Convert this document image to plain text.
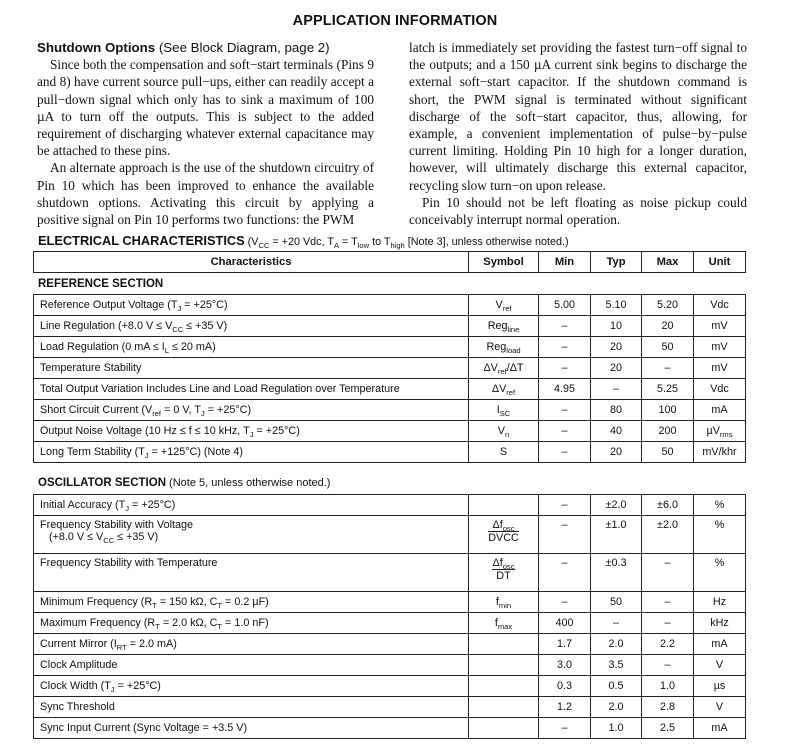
APPLICATION INFORMATION

Shutdown Options (See Block Diagram, page 2)

Since both the compensation and soft−start terminals (Pins 9 and 8) have current source pull−ups, either can readily accept a pull−down signal which only has to sink a maximum of 100 µA to turn off the outputs. This is subject to the added requirement of discharging whatever external capacitance may be attached to these pins.

An alternate approach is the use of the shutdown circuitry of Pin 10 which has been improved to enhance the available shutdown options. Activating this circuit by applying a positive signal on Pin 10 performs two functions: the PWM

latch is immediately set providing the fastest turn−off signal to the outputs; and a 150 µA current sink begins to discharge the external soft−start capacitor. If the shutdown command is short, the PWM signal is terminated without significant discharge of the soft−start capacitor, thus, allowing, for example, a convenient implementation of pulse−by−pulse current limiting. Holding Pin 10 high for a longer duration, however, will ultimately discharge this external capacitor, recycling slow turn−on upon release.

Pin 10 should not be left floating as noise pickup could conceivably interrupt normal operation.

ELECTRICAL CHARACTERISTICS ($V_{CC} = +20$ Vdc, $T_A = T_{low}$ to $T_{high}$ [Note 3], unless otherwise noted.)
Characteristics	Symbol	Min	Typ	Max	Unit
REFERENCE SECTION
Reference Output Voltage $(T_J = +25^\circ C)$	$V_{ref}$	5.00	5.10	5.20	Vdc
Line Regulation (+8.0 $V \le V_{CC} \le +35$ V)	Reg$_{line}$	–	10	20	mV
Load Regulation (0 mA ≤ $I_L \le 20$ mA)	Reg$_{load}$	–	20	50	mV
Temperature Stability	$\Delta V_{ref}/\Delta T$	–	20	–	mV
Total Output Variation Includes Line and Load Regulation over Temperature	$\Delta V_{ref}$	4.95	–	5.25	Vdc
Short Circuit Current ($V_{ref} = 0$ V, $T_J = +25^\circ C$)	$I_{SC}$	–	80	100	mA
Output Noise Voltage (10 Hz ≤ f ≤ 10 kHz, $T_J = +25^\circ C$)	$V_n$	–	40	200	µV$_{rms}$
Long Term Stability $(T_J = +125^\circ C)$ (Note 4)	S	–	20	50	mV/khr
OSCILLATOR SECTION (Note 5, unless otherwise noted.)
Initial Accuracy $(T_J = +25^\circ C)$		–	±2.0	±6.0	%
Frequency Stability with Voltage
(+8.0 $V \le V_{CC} \le +35$ V)	$\frac{\Delta f_{osc}}{\text{DVCC}}$	–	±1.0	±2.0	%
Frequency Stability with Temperature	$\frac{\Delta f_{osc}}{DT}$	–	±0.3	–	%
Minimum Frequency ($R_T = 150$ kΩ, $C_T = 0.2$ µF)	$f_{min}$	–	50	–	Hz
Maximum Frequency ($R_T = 2.0$ kΩ, $C_T = 1.0$ nF)	$f_{max}$	400	–	–	kHz
Current Mirror ($I_{RT} = 2.0$ mA)		1.7	2.0	2.2	mA
Clock Amplitude		3.0	3.5	–	V
Clock Width $(T_J = +25^\circ C)$		0.3	0.5	1.0	µs
Sync Threshold		1.2	2.0	2.8	V
Sync Input Current (Sync Voltage = +3.5 V)		–	1.0	2.5	mA
